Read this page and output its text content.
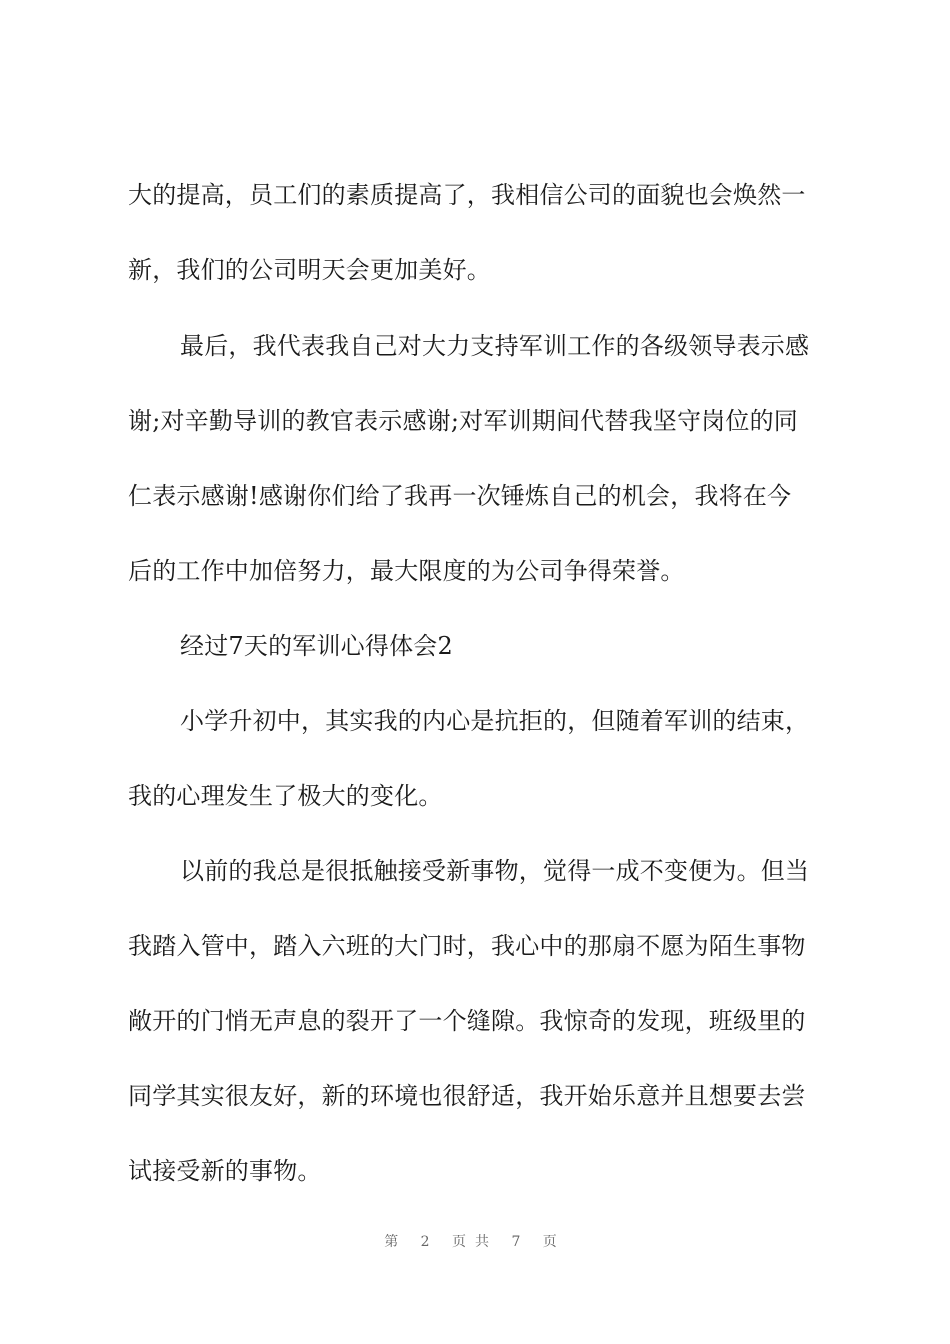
大的提高，员工们的素质提高了，我相信公司的面貌也会焕然一
新，我们的公司明天会更加美好。
最后，我代表我自己对大力支持军训工作的各级领导表示感
谢;对辛勤导训的教官表示感谢;对军训期间代替我坚守岗位的同
仁表示感谢!感谢你们给了我再一次锤炼自己的机会，我将在今
后的工作中加倍努力，最大限度的为公司争得荣誉。
经过7天的军训心得体会2
小学升初中，其实我的内心是抗拒的，但随着军训的结束，
我的心理发生了极大的变化。
以前的我总是很抵触接受新事物，觉得一成不变便为。但当
我踏入管中，踏入六班的大门时，我心中的那扇不愿为陌生事物
敞开的门悄无声息的裂开了一个缝隙。我惊奇的发现，班级里的
同学其实很友好，新的环境也很舒适，我开始乐意并且想要去尝
试接受新的事物。
第 2 页共 7 页
